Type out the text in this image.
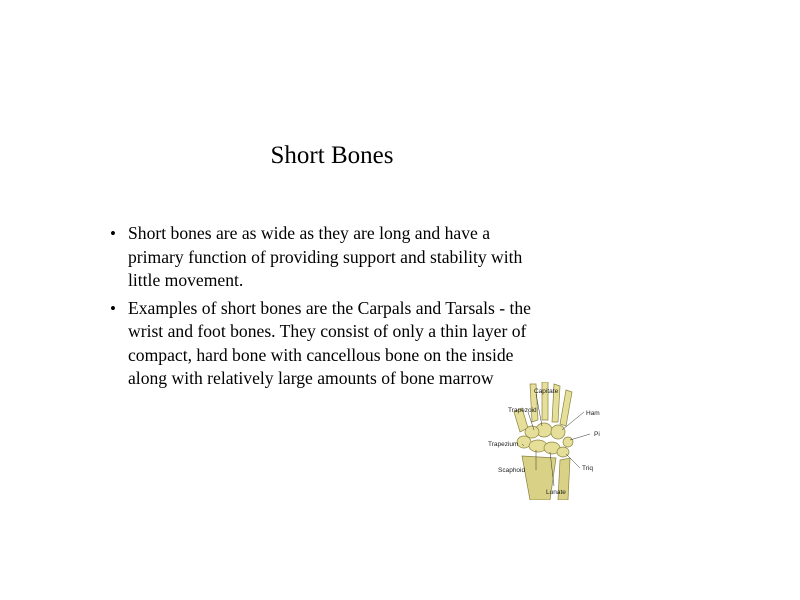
Short Bones
• Short bones are as wide as they are long and have a primary function of providing support and stability with little movement.
• Examples of short bones are the Carpals and Tarsals - the wrist and foot bones. They consist of only a thin layer of compact, hard bone with cancellous bone on the inside along with relatively large amounts of bone marrow
Capitate
Trapezoid	Ham
Pi
Trapezium
Triq
Scaphoid
Lunate
